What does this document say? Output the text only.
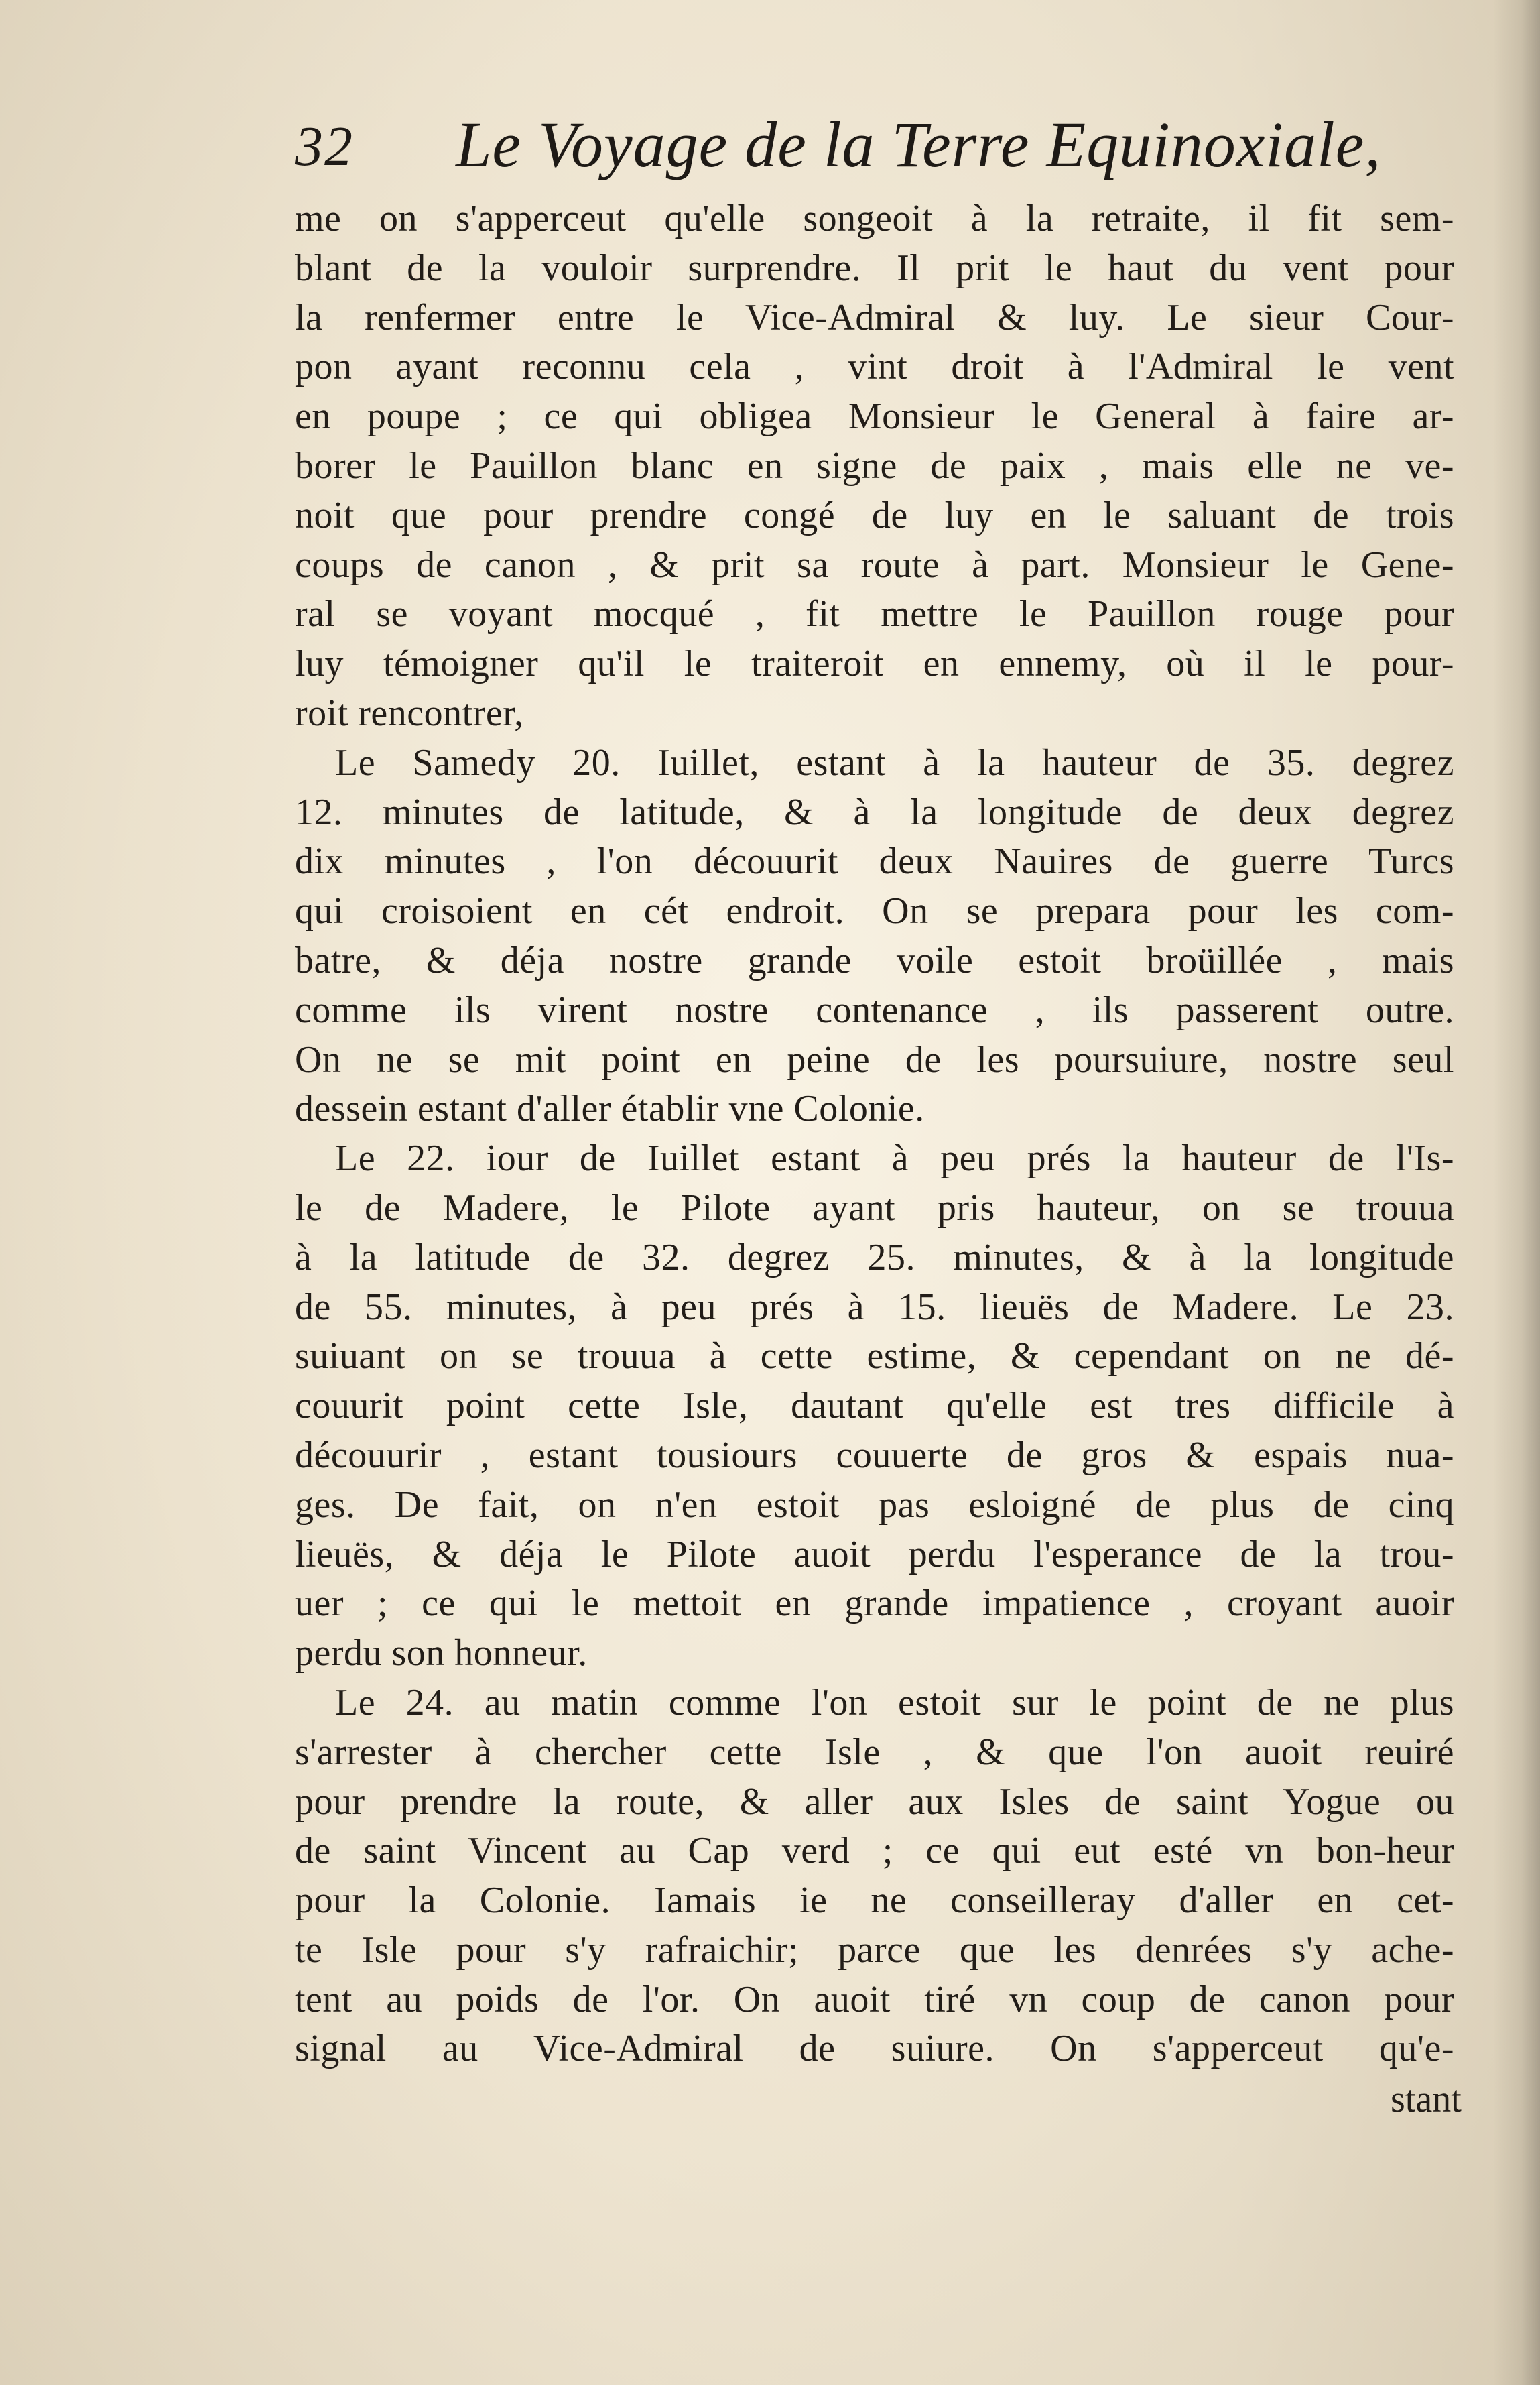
32 Le Voyage de la Terre Equinoxiale,
me on s'apperceut qu'elle songeoit à la retraite, il fit sem-
blant de la vouloir surprendre. Il prit le haut du vent pour
la renfermer entre le Vice-Admiral & luy. Le sieur Cour-
pon ayant reconnu cela , vint droit à l'Admiral le vent
en poupe ; ce qui obligea Monsieur le General à faire ar-
borer le Pauillon blanc en signe de paix , mais elle ne ve-
noit que pour prendre congé de luy en le saluant de trois
coups de canon , & prit sa route à part. Monsieur le Gene-
ral se voyant mocqué , fit mettre le Pauillon rouge pour
luy témoigner qu'il le traiteroit en ennemy, où il le pour-
roit rencontrer,
Le Samedy 20. Iuillet, estant à la hauteur de 35. degrez
12. minutes de latitude, & à la longitude de deux degrez
dix minutes , l'on découurit deux Nauires de guerre Turcs
qui croisoient en cét endroit. On se prepara pour les com-
batre, & déja nostre grande voile estoit broüillée , mais
comme ils virent nostre contenance , ils passerent outre.
On ne se mit point en peine de les poursuiure, nostre seul
dessein estant d'aller établir vne Colonie.
Le 22. iour de Iuillet estant à peu prés la hauteur de l'Is-
le de Madere, le Pilote ayant pris hauteur, on se trouua
à la latitude de 32. degrez 25. minutes, & à la longitude
de 55. minutes, à peu prés à 15. lieuës de Madere. Le 23.
suiuant on se trouua à cette estime, & cependant on ne dé-
couurit point cette Isle, dautant qu'elle est tres difficile à
découurir , estant tousiours couuerte de gros & espais nua-
ges. De fait, on n'en estoit pas esloigné de plus de cinq
lieuës, & déja le Pilote auoit perdu l'esperance de la trou-
uer ; ce qui le mettoit en grande impatience , croyant auoir
perdu son honneur.
Le 24. au matin comme l'on estoit sur le point de ne plus
s'arrester à chercher cette Isle , & que l'on auoit reuiré
pour prendre la route, & aller aux Isles de saint Yogue ou
de saint Vincent au Cap verd ; ce qui eut esté vn bon-heur
pour la Colonie. Iamais ie ne conseilleray d'aller en cet-
te Isle pour s'y rafraichir; parce que les denrées s'y ache-
tent au poids de l'or. On auoit tiré vn coup de canon pour
signal au Vice-Admiral de suiure. On s'apperceut qu'e-
stant
